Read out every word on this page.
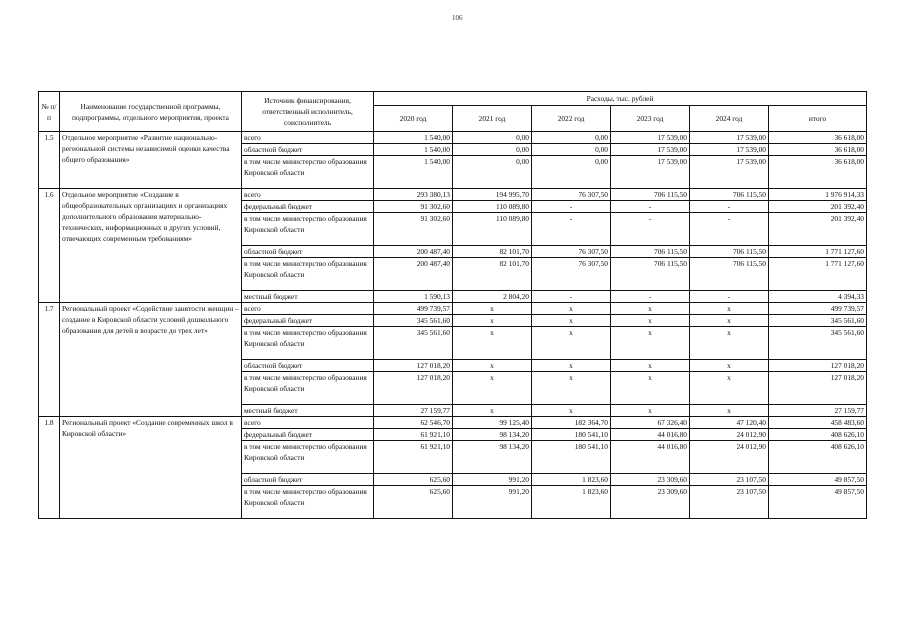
106
№ п/п	Наименование государственной программы, подпрограммы, отдельного мероприятия, проекта	Источник финансирования, ответственный исполнитель, соисполнитель	Расходы, тыс. рублей					
			2020 год	2021 год	2022 год	2023 год	2024 год	итого
1.5	Отдельное мероприятие «Развитие национально-региональной системы независимой оценки качества общего образования»	всего	1 540,00	0,00	0,00	17 539,00	17 539,00	36 618,00
		областной бюджет	1 540,00	0,00	0,00	17 539,00	17 539,00	36 618,00
		в том числе министерство образования Кировской области	1 540,00	0,00	0,00	17 539,00	17 539,00	36 618,00
1.6	Отдельное мероприятие «Создание в общеобразовательных организациях и организациях дополнительного образования материально-технических, информационных и других условий, отвечающих современным требованиям»	всего	293 380,13	194 995,70	76 307,50	706 115,50	706 115,50	1 976 914,33
		федеральный бюджет	91 302,60	110 089,80	-	-	-	201 392,40
		в том числе министерство образования Кировской области	91 302,60	110 089,80	-	-	-	201 392,40
		областной бюджет	200 487,40	82 101,70	76 307,50	706 115,50	706 115,50	1 771 127,60
		в том числе министерство образования Кировской области	200 487,40	82 101,70	76 307,50	706 115,50	706 115,50	1 771 127,60
		местный бюджет	1 590,13	2 804,20	-	-	-	4 394,33
1.7	Региональный проект «Содействие занятости женщин – создание в Кировской области условий дошкольного образования для детей в возрасте до трех лет»	всего	499 739,57	x	x	x	x	499 739,57
		федеральный бюджет	345 561,60	x	x	x	x	345 561,60
		в том числе министерство образования Кировской области	345 561,60	x	x	x	x	345 561,60
		областной бюджет	127 018,20	x	x	x	x	127 018,20
		в том числе министерство образования Кировской области	127 018,20	x	x	x	x	127 018,20
		местный бюджет	27 159,77	x	x	x	x	27 159,77
1.8	Региональный проект «Создание современных школ в Кировской области»	всего	62 546,70	99 125,40	182 364,70	67 326,40	47 120,40	458 483,60
		федеральный бюджет	61 921,10	98 134,20	180 541,10	44 016,80	24 012,90	408 626,10
		в том числе министерство образования Кировской области	61 921,10	98 134,20	180 541,10	44 016,80	24 012,90	408 626,10
		областной бюджет	625,60	991,20	1 823,60	23 309,60	23 107,50	49 857,50
		в том числе министерство образования Кировской области	625,60	991,20	1 823,60	23 309,60	23 107,50	49 857,50
